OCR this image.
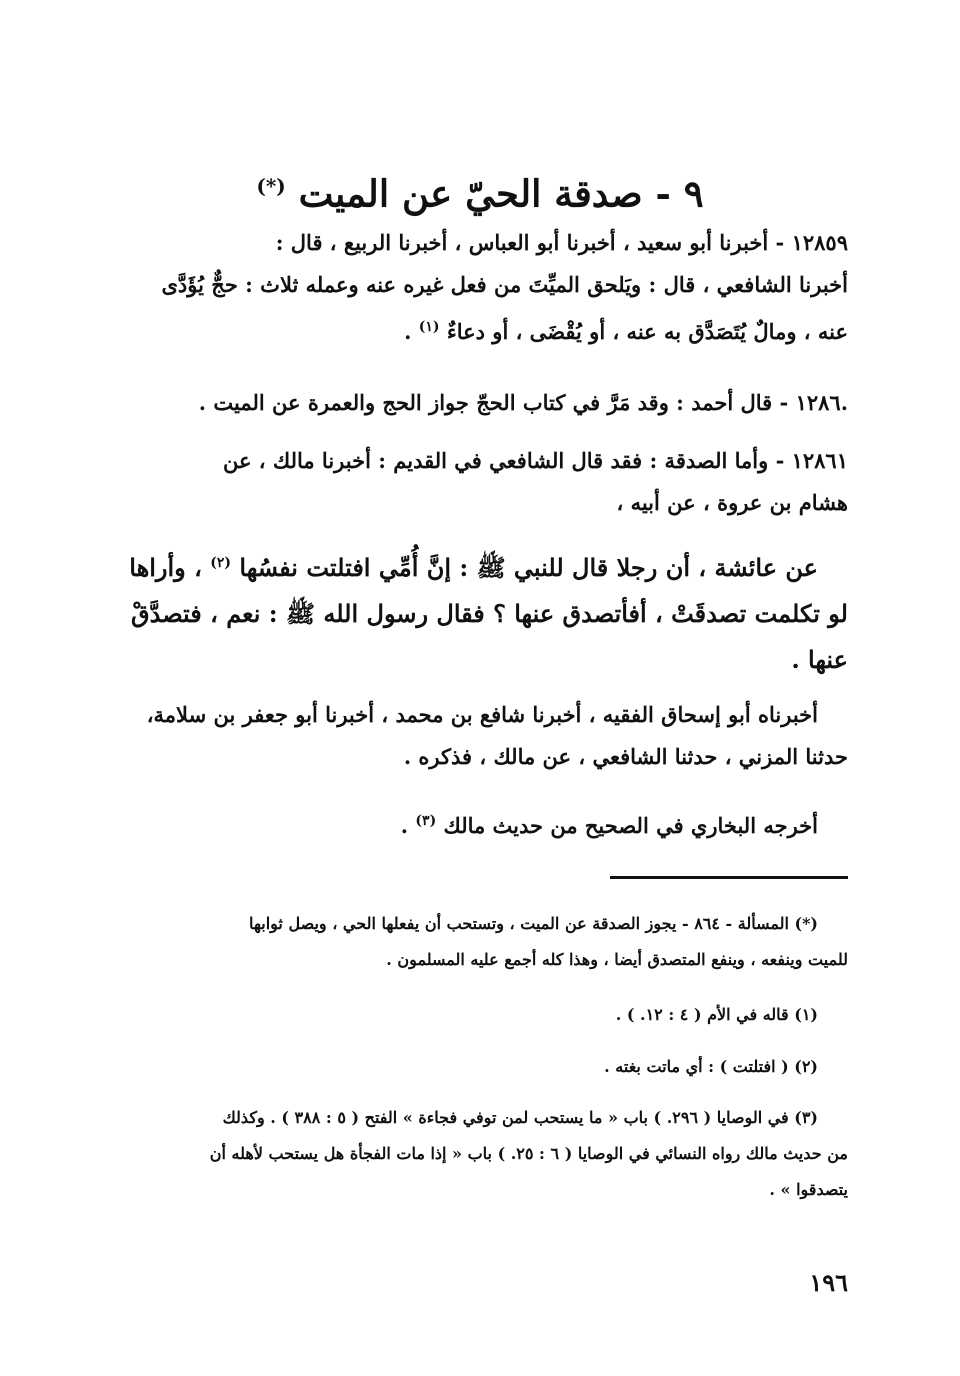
٩ - صدقة الحيّ عن الميت (*)
١٢٨٥٩ - أخبرنا أبو سعيد ، أخبرنا أبو العباس ، أخبرنا الربيع ، قال :
أخبرنا الشافعي ، قال : ويَلحق الميِّتَ من فعل غيره عنه وعمله ثلاث : حجٌّ يُؤَدَّى
عنه ، ومالٌ يُتَصَدَّق به عنه ، أو يُقْضَى ، أو دعاءٌ $^{(١)}$ .
.١٢٨٦ - قال أحمد : وقد مَرَّ في كتاب الحجّ جواز الحج والعمرة عن الميت .
١٢٨٦١ - وأما الصدقة : فقد قال الشافعي في القديم : أخبرنا مالك ، عن
هشام بن عروة ، عن أبيه ،
عن عائشة ، أن رجلا قال للنبي ﷺ : إنَّ أُمِّي افتلتت نفسُها $^{(٢)}$ ، وأراها
لو تكلمت تصدقَتْ ، أفأتصدق عنها ؟ فقال رسول الله ﷺ : نعم ، فتصدَّقْ
عنها .
أخبرناه أبو إسحاق الفقيه ، أخبرنا شافع بن محمد ، أخبرنا أبو جعفر بن سلامة،
حدثنا المزني ، حدثنا الشافعي ، عن مالك ، فذكره .
أخرجه البخاري في الصحيح من حديث مالك $^{(٣)}$ .
(*) المسألة - ٨٦٤ - يجوز الصدقة عن الميت ، وتستحب أن يفعلها الحي ، ويصل ثوابها
للميت وينفعه ، وينفع المتصدق أيضا ، وهذا كله أجمع عليه المسلمون .
(١) قاله في الأم ( ٤ : ١٢. ) .
(٢) ( افتلتت ) : أي ماتت بغته .
(٣) في الوصايا ( ٢٩٦. ) باب « ما يستحب لمن توفي فجاءة » الفتح ( ٥ : ٣٨٨ ) . وكذلك
من حديث مالك رواه النسائي في الوصايا ( ٦ : ٢٥. ) باب « إذا مات الفجأة هل يستحب لأهله أن
يتصدقوا » .
١٩٦
